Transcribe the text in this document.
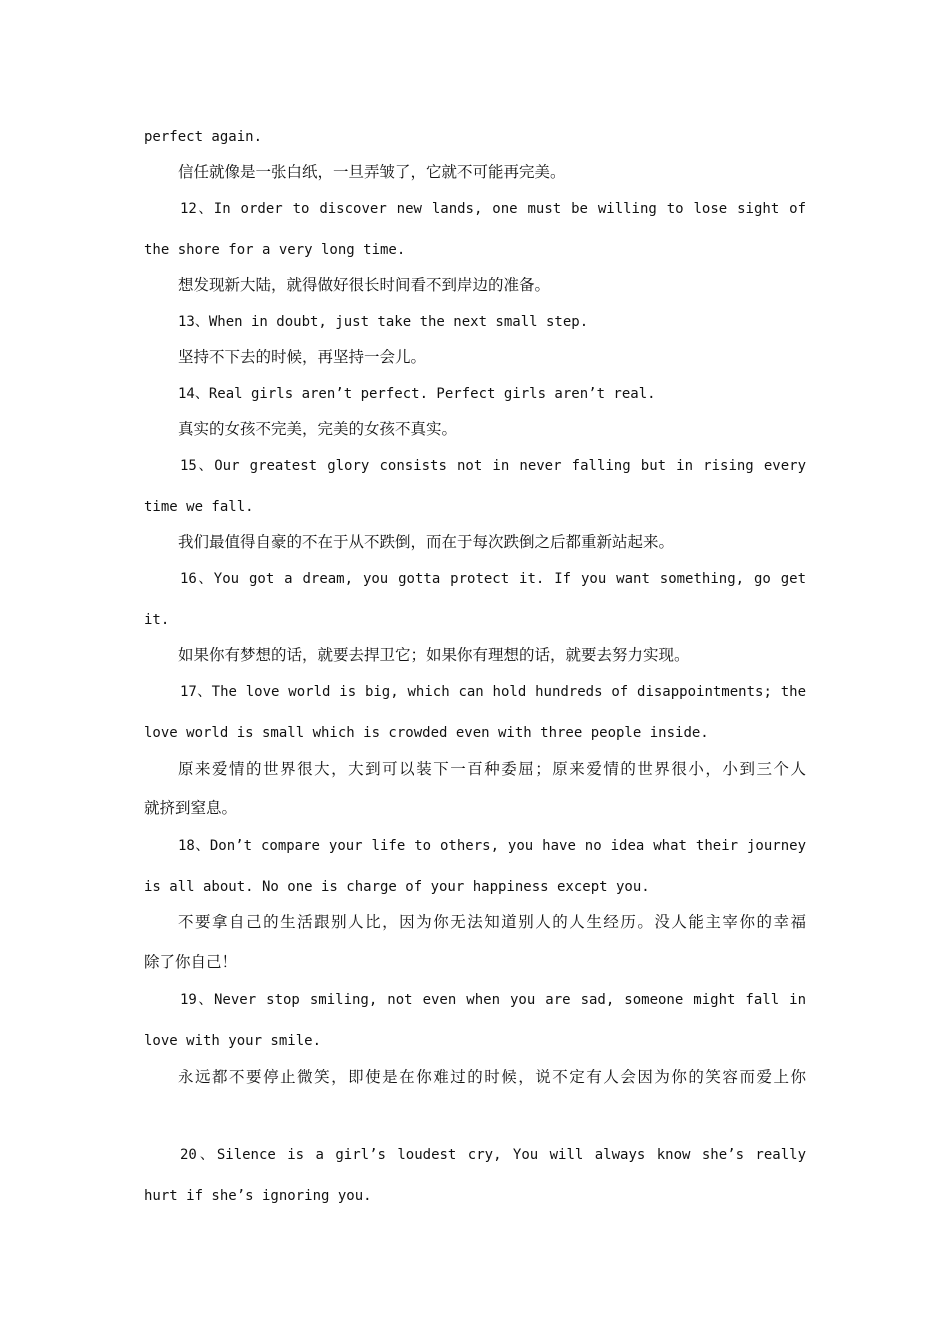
perfect again.

信任就像是一张白纸，一旦弄皱了，它就不可能再完美。

12、In order to discover new lands, one must be willing to lose sight of

the shore for a very long time.

想发现新大陆，就得做好很长时间看不到岸边的准备。

13、When in doubt, just take the next small step.

坚持不下去的时候，再坚持一会儿。

14、Real girls aren’t perfect. Perfect girls aren’t real.

真实的女孩不完美，完美的女孩不真实。

15、Our greatest glory consists not in never falling but in rising every

time we fall.

我们最值得自豪的不在于从不跌倒，而在于每次跌倒之后都重新站起来。

16、You got a dream, you gotta protect it. If you want something, go get

it.

如果你有梦想的话，就要去捍卫它；如果你有理想的话，就要去努力实现。

17、The love world is big, which can hold hundreds of disappointments; the

love world is small which is crowded even with three people inside.

原来爱情的世界很大，大到可以装下一百种委屈；原来爱情的世界很小，小到三个人

就挤到窒息。

18、Don’t compare your life to others, you have no idea what their journey

is all about. No one is charge of your happiness except you.

不要拿自己的生活跟别人比，因为你无法知道别人的人生经历。没人能主宰你的幸福

除了你自己！

19、Never stop smiling, not even when you are sad, someone might fall in

love with your smile.

永远都不要停止微笑，即使是在你难过的时候，说不定有人会因为你的笑容而爱上你

20、Silence is a girl’s loudest cry, You will always know she’s really

hurt if she’s ignoring you.
